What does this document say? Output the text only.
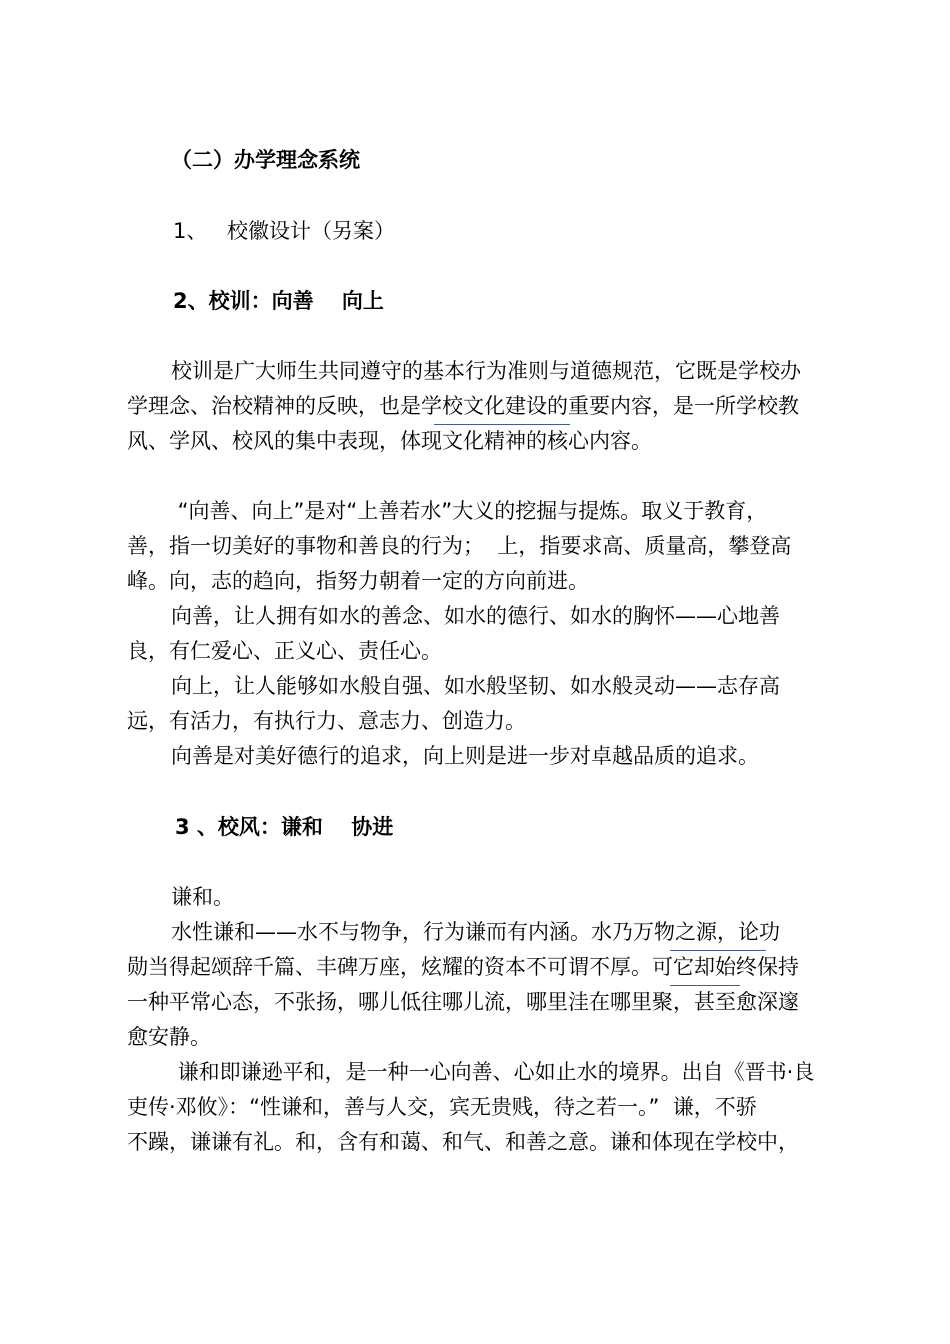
（二）办学理念系统
1、 校徽设计（另案）
2、校训：向善　 向上
校训是广大师生共同遵守的基本行为准则与道德规范，它既是学校办
学理念、治校精神的反映，也是学校文化建设的重要内容，是一所学校教
风、学风、校风的集中表现，体现文化精神的核心内容。
“向善、向上”是对“上善若水”大义的挖掘与提炼。取义于教育，
善，指一切美好的事物和善良的行为；  上，指要求高、质量高，攀登高
峰。向，志的趋向，指努力朝着一定的方向前进。
向善，让人拥有如水的善念、如水的德行、如水的胸怀——心地善
良，有仁爱心、正义心、责任心。
向上，让人能够如水般自强、如水般坚韧、如水般灵动——志存高
远，有活力，有执行力、意志力、创造力。
向善是对美好德行的追求，向上则是进一步对卓越品质的追求。
3 、校风：谦和　 协进
谦和。
水性谦和——水不与物争，行为谦而有内涵。水乃万物之源，论功
勋当得起颂辞千篇、丰碑万座，炫耀的资本不可谓不厚。可它却始终保持
一种平常心态，不张扬，哪儿低往哪儿流，哪里洼在哪里聚，甚至愈深邃
愈安静。
谦和即谦逊平和，是一种一心向善、心如止水的境界。出自《晋书·良
吏传·邓攸》：“性谦和，善与人交，宾无贵贱，待之若一。”  谦，不骄
不躁，谦谦有礼。和，含有和蔼、和气、和善之意。谦和体现在学校中，
